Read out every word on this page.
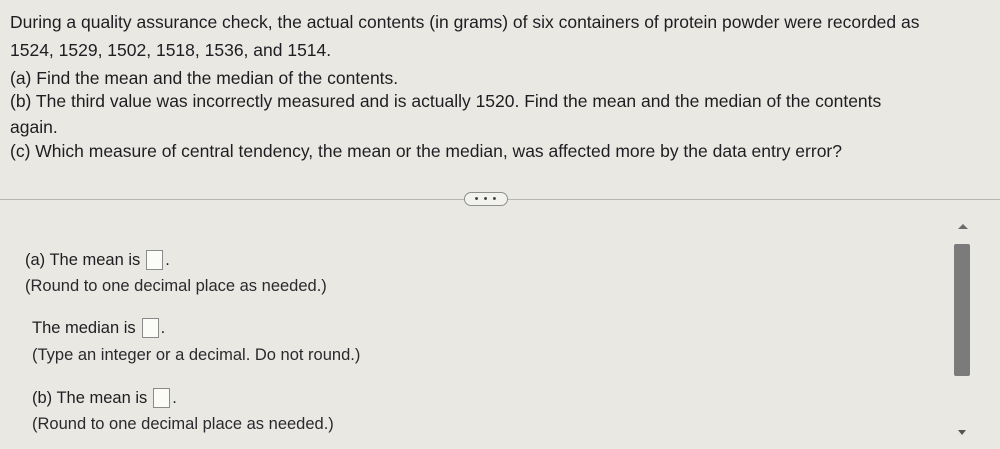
During a quality assurance check, the actual contents (in grams) of six containers of protein powder were recorded as
1524, 1529, 1502, 1518, 1536, and 1514.
(a) Find the mean and the median of the contents.
(b) The third value was incorrectly measured and is actually 1520. Find the mean and the median of the contents
again.
(c) Which measure of central tendency, the mean or the median, was affected more by the data entry error?
• • •
(a) The mean is .
(Round to one decimal place as needed.)
The median is .
(Type an integer or a decimal. Do not round.)
(b) The mean is .
(Round to one decimal place as needed.)
